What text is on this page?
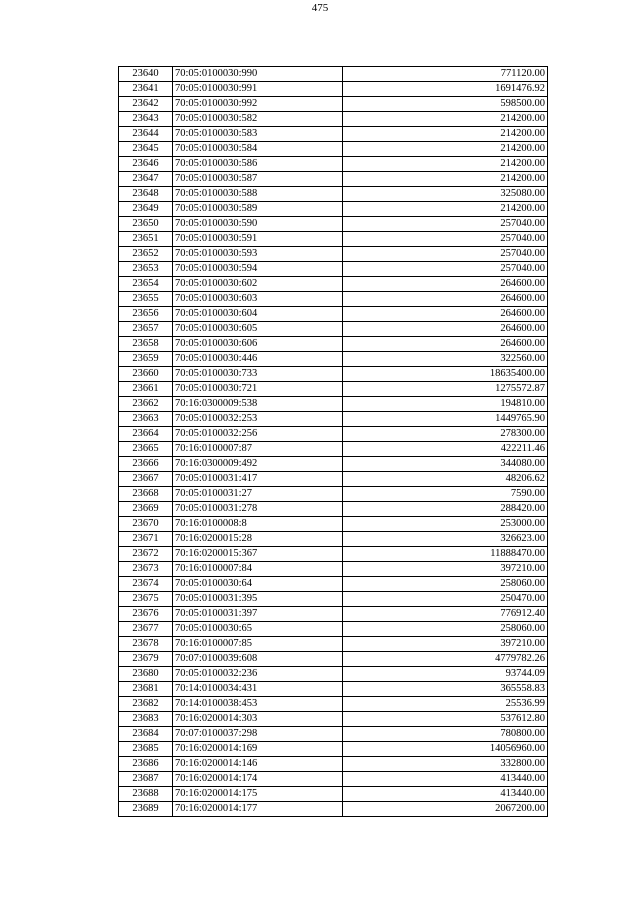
475
23640	70:05:0100030:990	771120.00
23641	70:05:0100030:991	1691476.92
23642	70:05:0100030:992	598500.00
23643	70:05:0100030:582	214200.00
23644	70:05:0100030:583	214200.00
23645	70:05:0100030:584	214200.00
23646	70:05:0100030:586	214200.00
23647	70:05:0100030:587	214200.00
23648	70:05:0100030:588	325080.00
23649	70:05:0100030:589	214200.00
23650	70:05:0100030:590	257040.00
23651	70:05:0100030:591	257040.00
23652	70:05:0100030:593	257040.00
23653	70:05:0100030:594	257040.00
23654	70:05:0100030:602	264600.00
23655	70:05:0100030:603	264600.00
23656	70:05:0100030:604	264600.00
23657	70:05:0100030:605	264600.00
23658	70:05:0100030:606	264600.00
23659	70:05:0100030:446	322560.00
23660	70:05:0100030:733	18635400.00
23661	70:05:0100030:721	1275572.87
23662	70:16:0300009:538	194810.00
23663	70:05:0100032:253	1449765.90
23664	70:05:0100032:256	278300.00
23665	70:16:0100007:87	422211.46
23666	70:16:0300009:492	344080.00
23667	70:05:0100031:417	48206.62
23668	70:05:0100031:27	7590.00
23669	70:05:0100031:278	288420.00
23670	70:16:0100008:8	253000.00
23671	70:16:0200015:28	326623.00
23672	70:16:0200015:367	11888470.00
23673	70:16:0100007:84	397210.00
23674	70:05:0100030:64	258060.00
23675	70:05:0100031:395	250470.00
23676	70:05:0100031:397	776912.40
23677	70:05:0100030:65	258060.00
23678	70:16:0100007:85	397210.00
23679	70:07:0100039:608	4779782.26
23680	70:05:0100032:236	93744.09
23681	70:14:0100034:431	365558.83
23682	70:14:0100038:453	25536.99
23683	70:16:0200014:303	537612.80
23684	70:07:0100037:298	780800.00
23685	70:16:0200014:169	14056960.00
23686	70:16:0200014:146	332800.00
23687	70:16:0200014:174	413440.00
23688	70:16:0200014:175	413440.00
23689	70:16:0200014:177	2067200.00
